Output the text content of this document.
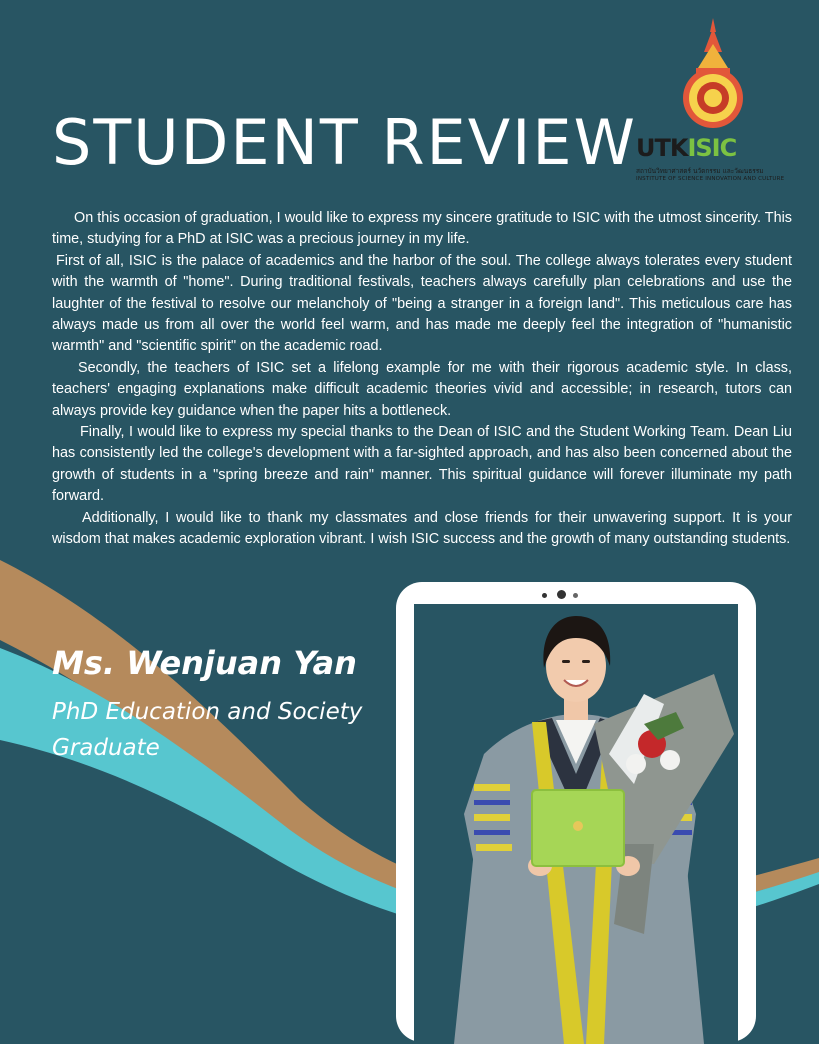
STUDENT REVIEW UTKISIC
สถาบันวิทยาศาสตร์ นวัตกรรม และวัฒนธรรม
INSTITUTE OF SCIENCE INNOVATION AND CULTURE

On this occasion of graduation, I would like to express my sincere gratitude to ISIC with the utmost sincerity. This time, studying for a PhD at ISIC was a precious journey in my life.

First of all, ISIC is the palace of academics and the harbor of the soul. The college always tolerates every student with the warmth of "home". During traditional festivals, teachers always carefully plan celebrations and use the laughter of the festival to resolve our melancholy of "being a stranger in a foreign land". This meticulous care has always made us from all over the world feel warm, and has made me deeply feel the integration of "humanistic warmth" and "scientific spirit" on the academic road.

Secondly, the teachers of ISIC set a lifelong example for me with their rigorous academic style. In class, teachers' engaging explanations make difficult academic theories vivid and accessible; in research, tutors can always provide key guidance when the paper hits a bottleneck.

Finally, I would like to express my special thanks to the Dean of ISIC and the Student Working Team. Dean Liu has consistently led the college's development with a far-sighted approach, and has also been concerned about the growth of students in a "spring breeze and rain" manner. This spiritual guidance will forever illuminate my path forward.

Additionally, I would like to thank my classmates and close friends for their unwavering support. It is your wisdom that makes academic exploration vibrant. I wish ISIC success and the growth of many outstanding students.

Ms. Wenjuan Yan
PhD Education and Society
Graduate
